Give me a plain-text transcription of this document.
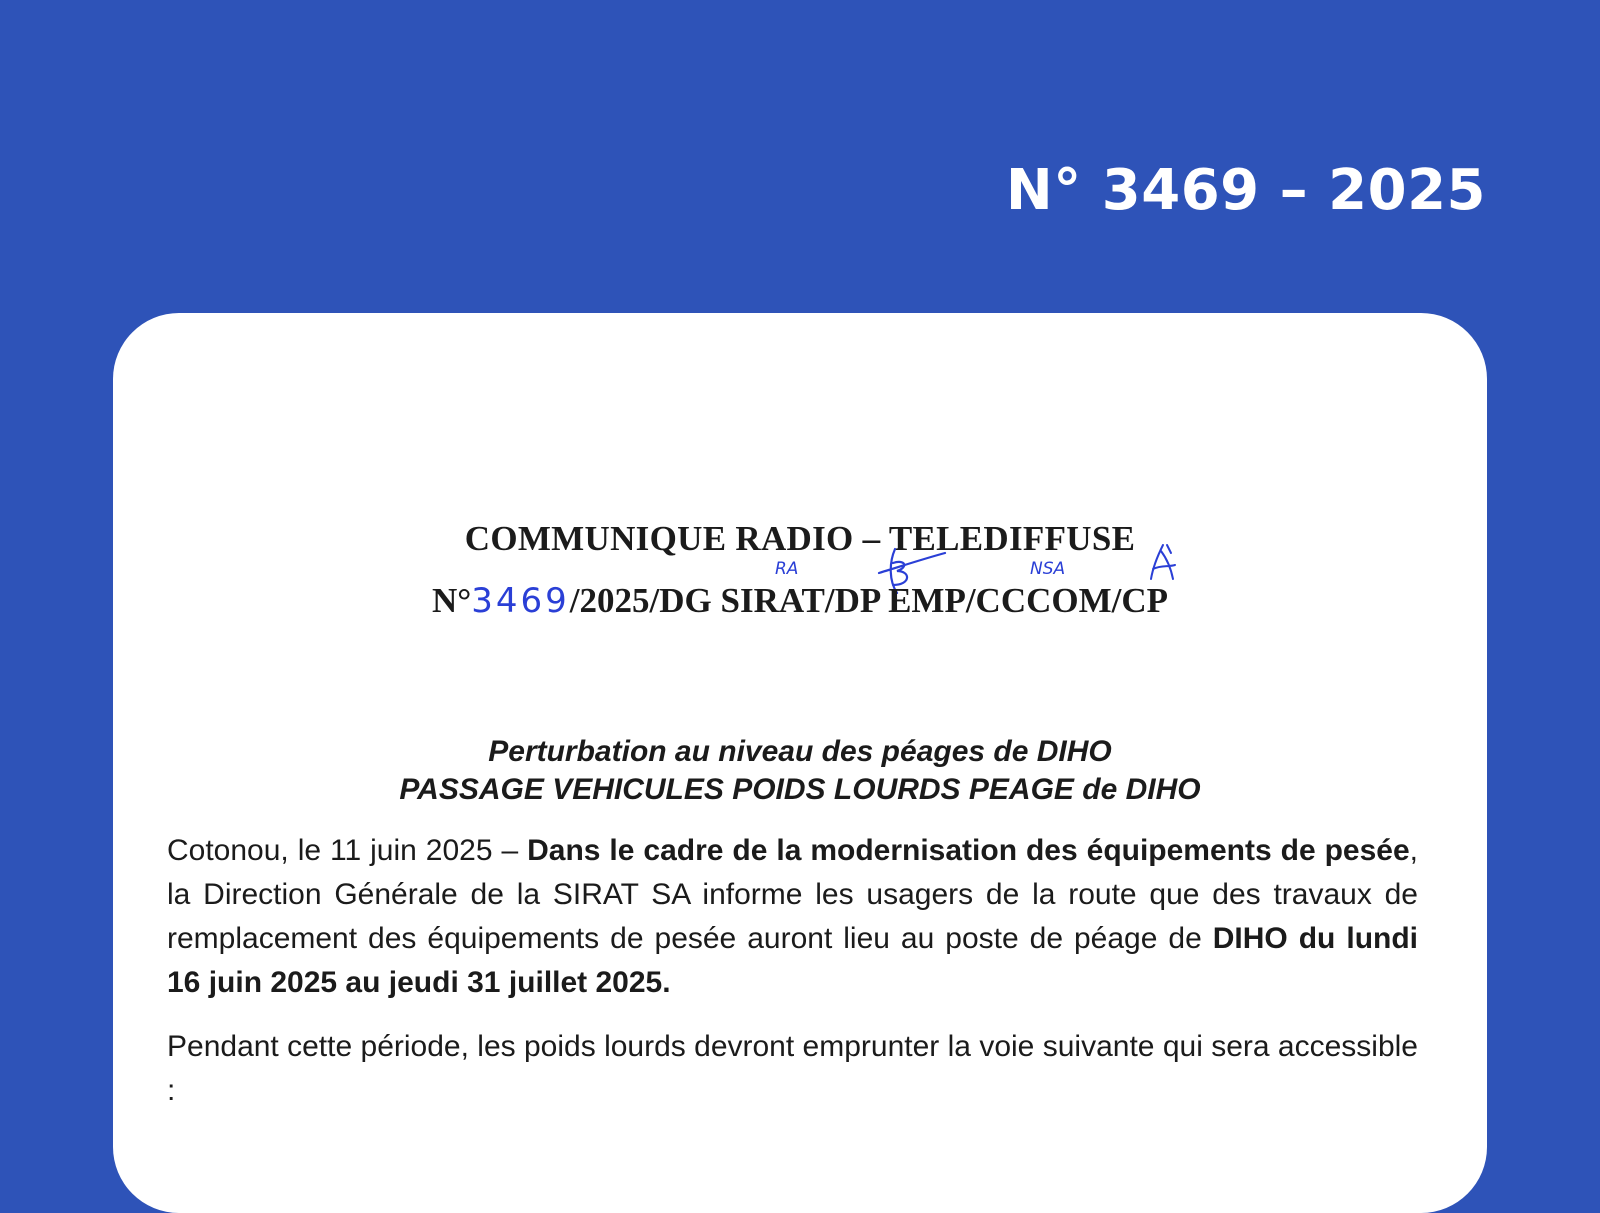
N° 3469 – 2025
COMMUNIQUE RADIO – TELEDIFFUSE
RA	NSA
N°3469/2025/DG SIRAT/DP EMP/CCCOM/CP
Perturbation au niveau des péages de DIHO
PASSAGE VEHICULES POIDS LOURDS PEAGE de DIHO
Cotonou, le 11 juin 2025 – Dans le cadre de la modernisation des équipements de pesée, la Direction Générale de la SIRAT SA informe les usagers de la route que des travaux de remplacement des équipements de pesée auront lieu au poste de péage de DIHO du lundi 16 juin 2025 au jeudi 31 juillet 2025.
Pendant cette période, les poids lourds devront emprunter la voie suivante qui sera accessible :
